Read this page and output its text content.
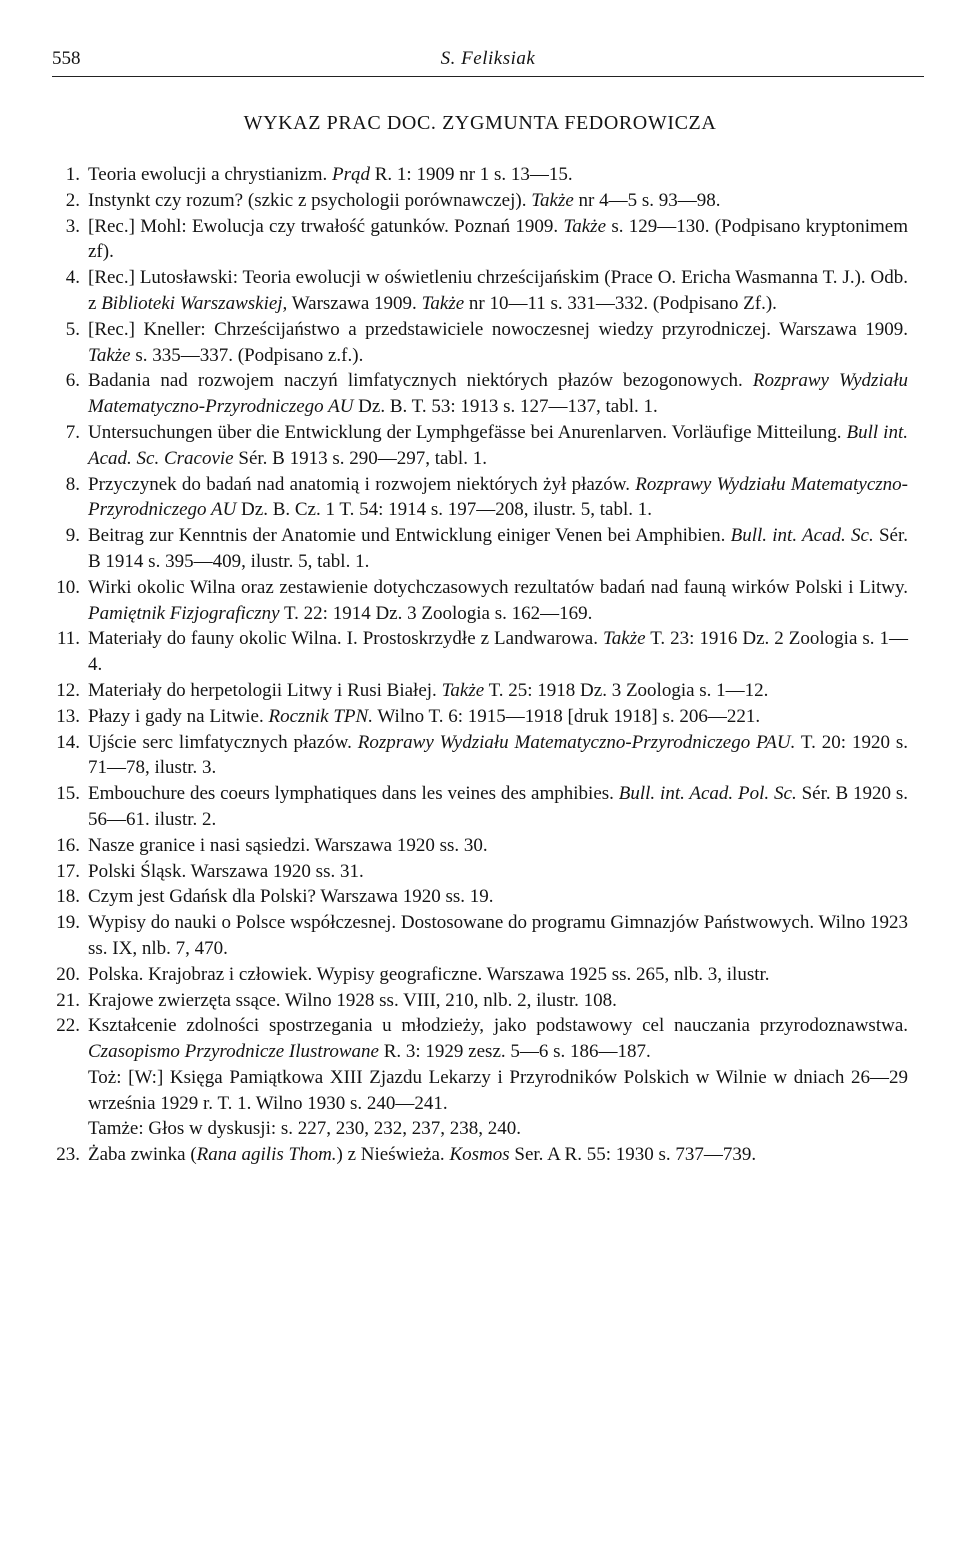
558	S. Feliksiak
WYKAZ PRAC DOC. ZYGMUNTA FEDOROWICZA
1. Teoria ewolucji a chrystianizm. Prąd R. 1: 1909 nr 1 s. 13—15.
2. Instynkt czy rozum? (szkic z psychologii porównawczej). Także nr 4—5 s. 93—98.
3. [Rec.] Mohl: Ewolucja czy trwałość gatunków. Poznań 1909. Także s. 129—130. (Podpisano kryptonimem zf).
4. [Rec.] Lutosławski: Teoria ewolucji w oświetleniu chrześcijańskim (Prace O. Ericha Wasmanna T. J.). Odb. z Biblioteki Warszawskiej, Warszawa 1909. Także nr 10—11 s. 331—332. (Podpisano Zf.).
5. [Rec.] Kneller: Chrześcijaństwo a przedstawiciele nowoczesnej wiedzy przyrodniczej. Warszawa 1909. Także s. 335—337. (Podpisano z.f.).
6. Badania nad rozwojem naczyń limfatycznych niektórych płazów bezogonowych. Rozprawy Wydziału Matematyczno-Przyrodniczego AU Dz. B. T. 53: 1913 s. 127—137, tabl. 1.
7. Untersuchungen über die Entwicklung der Lymphgefässe bei Anurenlarven. Vorläufige Mitteilung. Bull int. Acad. Sc. Cracovie Sér. B 1913 s. 290—297, tabl. 1.
8. Przyczynek do badań nad anatomią i rozwojem niektórych żył płazów. Rozprawy Wydziału Matematyczno-Przyrodniczego AU Dz. B. Cz. 1 T. 54: 1914 s. 197—208, ilustr. 5, tabl. 1.
9. Beitrag zur Kenntnis der Anatomie und Entwicklung einiger Venen bei Amphibien. Bull. int. Acad. Sc. Sér. B 1914 s. 395—409, ilustr. 5, tabl. 1.
10. Wirki okolic Wilna oraz zestawienie dotychczasowych rezultatów badań nad fauną wirków Polski i Litwy. Pamiętnik Fizjograficzny T. 22: 1914 Dz. 3 Zoologia s. 162—169.
11. Materiały do fauny okolic Wilna. I. Prostoskrzydłe z Landwarowa. Także T. 23: 1916 Dz. 2 Zoologia s. 1—4.
12. Materiały do herpetologii Litwy i Rusi Białej. Także T. 25: 1918 Dz. 3 Zoologia s. 1—12.
13. Płazy i gady na Litwie. Rocznik TPN. Wilno T. 6: 1915—1918 [druk 1918] s. 206—221.
14. Ujście serc limfatycznych płazów. Rozprawy Wydziału Matematyczno-Przyrodniczego PAU. T. 20: 1920 s. 71—78, ilustr. 3.
15. Embouchure des coeurs lymphatiques dans les veines des amphibies. Bull. int. Acad. Pol. Sc. Sér. B 1920 s. 56—61. ilustr. 2.
16. Nasze granice i nasi sąsiedzi. Warszawa 1920 ss. 30.
17. Polski Śląsk. Warszawa 1920 ss. 31.
18. Czym jest Gdańsk dla Polski? Warszawa 1920 ss. 19.
19. Wypisy do nauki o Polsce współczesnej. Dostosowane do programu Gimnazjów Państwowych. Wilno 1923 ss. IX, nlb. 7, 470.
20. Polska. Krajobraz i człowiek. Wypisy geograficzne. Warszawa 1925 ss. 265, nlb. 3, ilustr.
21. Krajowe zwierzęta ssące. Wilno 1928 ss. VIII, 210, nlb. 2, ilustr. 108.
22. Kształcenie zdolności spostrzegania u młodzieży, jako podstawowy cel nauczania przyrodoznawstwa. Czasopismo Przyrodnicze Ilustrowane R. 3: 1929 zesz. 5—6 s. 186—187.
Toż: [W:] Księga Pamiątkowa XIII Zjazdu Lekarzy i Przyrodników Polskich w Wilnie w dniach 26—29 września 1929 r. T. 1. Wilno 1930 s. 240—241.
Tamże: Głos w dyskusji: s. 227, 230, 232, 237, 238, 240.
23. Żaba zwinka (Rana agilis Thom.) z Nieświeża. Kosmos Ser. A R. 55: 1930 s. 737—739.
